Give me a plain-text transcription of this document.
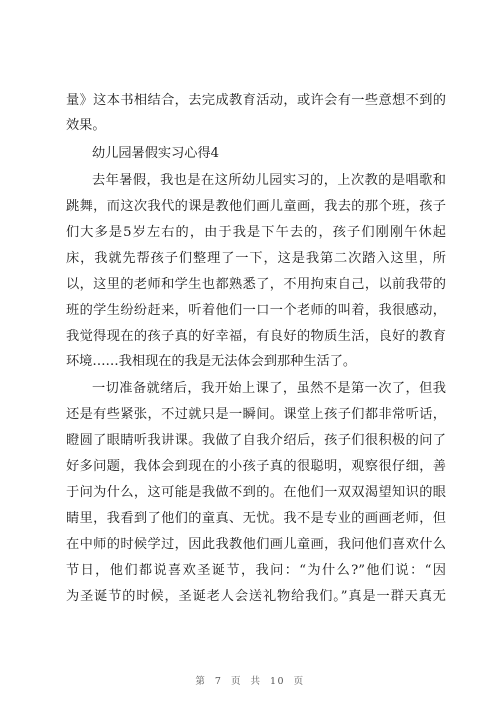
量》这本书相结合，去完成教育活动，或许会有一些意想不到的
效果。
幼儿园暑假实习心得4
去年暑假，我也是在这所幼儿园实习的，上次教的是唱歌和
跳舞，而这次我代的课是教他们画儿童画，我去的那个班，孩子
们大多是5岁左右的，由于我是下午去的，孩子们刚刚午休起
床，我就先帮孩子们整理了一下，这是我第二次踏入这里，所
以，这里的老师和学生也都熟悉了，不用拘束自己，以前我带的
班的学生纷纷赶来，听着他们一口一个老师的叫着，我很感动，
我觉得现在的孩子真的好幸福，有良好的物质生活，良好的教育
环境……我相现在的我是无法体会到那种生活了。
一切准备就绪后，我开始上课了，虽然不是第一次了，但我
还是有些紧张，不过就只是一瞬间。课堂上孩子们都非常听话，
瞪圆了眼睛听我讲课。我做了自我介绍后，孩子们很积极的问了
好多问题，我体会到现在的小孩子真的很聪明，观察很仔细，善
于问为什么，这可能是我做不到的。在他们一双双渴望知识的眼
睛里，我看到了他们的童真、无忧。我不是专业的画画老师，但
在中师的时候学过，因此我教他们画儿童画，我问他们喜欢什么
节日，他们都说喜欢圣诞节，我问：“为什么?”他们说：“因
为圣诞节的时候，圣诞老人会送礼物给我们。”真是一群天真无
第 7 页 共 10 页
